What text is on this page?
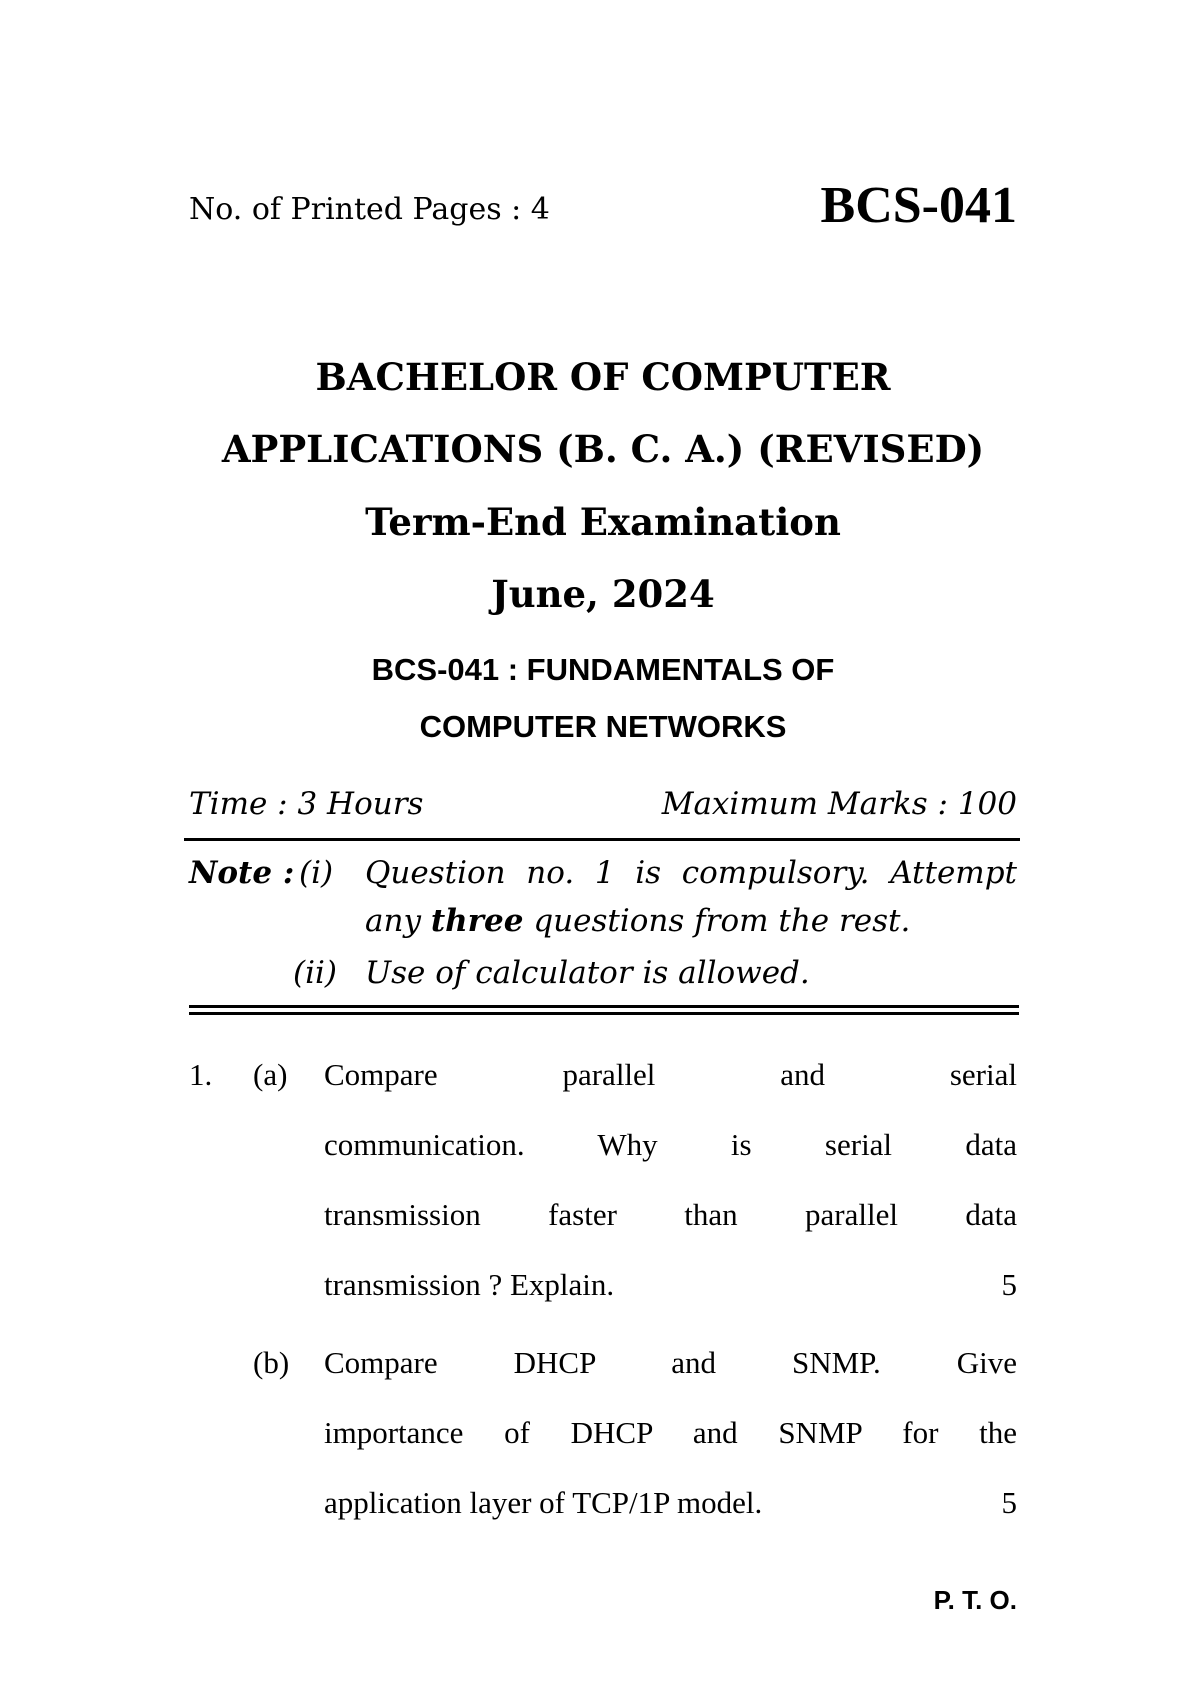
No. of Printed Pages : 4	BCS-041
BACHELOR OF COMPUTER
APPLICATIONS (B. C. A.) (REVISED)
Term-End Examination
June, 2024
BCS-041 : FUNDAMENTALS OF
COMPUTER NETWORKS
Time : 3 Hours	Maximum Marks : 100
Note : (i) Question no. 1 is compulsory. Attempt
any three questions from the rest.
(ii) Use of calculator is allowed.
1. (a) Compare parallel and serial
communication. Why is serial data
transmission faster than parallel data
transmission ? Explain.	5
(b) Compare DHCP and SNMP. Give
importance of DHCP and SNMP for the
application layer of TCP/1P model.	5
P. T. O.
